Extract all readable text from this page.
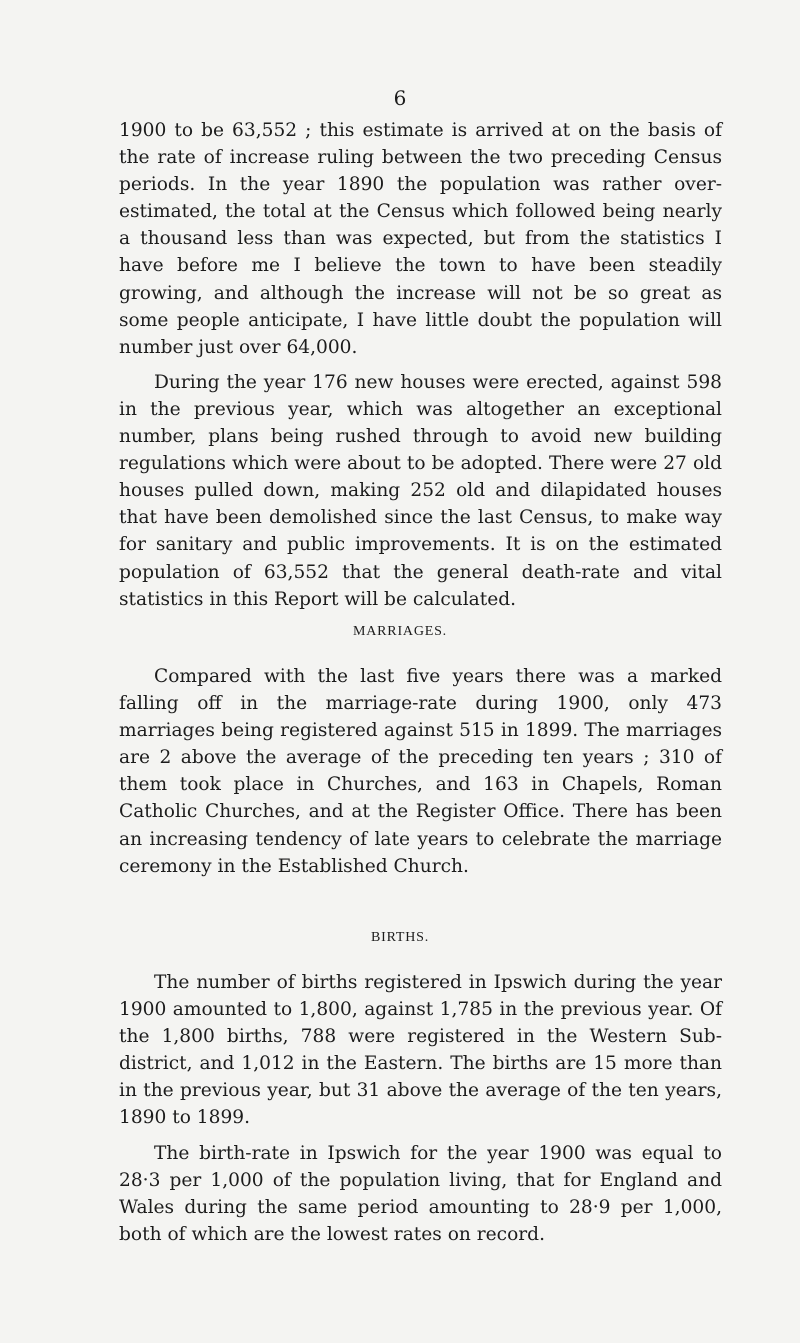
6

1900 to be 63,552 ; this estimate is arrived at on the basis of the rate of increase ruling between the two preceding Census periods. In the year 1890 the population was rather over-estimated, the total at the Census which followed being nearly a thousand less than was expected, but from the statistics I have before me I believe the town to have been steadily growing, and although the increase will not be so great as some people anticipate, I have little doubt the population will number just over 64,000.

During the year 176 new houses were erected, against 598 in the previous year, which was altogether an exceptional number, plans being rushed through to avoid new building regulations which were about to be adopted. There were 27 old houses pulled down, making 252 old and dilapidated houses that have been demolished since the last Census, to make way for sanitary and public improvements. It is on the estimated population of 63,552 that the general death-rate and vital statistics in this Report will be calculated.

MARRIAGES.

Compared with the last five years there was a marked falling off in the marriage-rate during 1900, only 473 marriages being registered against 515 in 1899. The marriages are 2 above the average of the preceding ten years ; 310 of them took place in Churches, and 163 in Chapels, Roman Catholic Churches, and at the Register Office. There has been an increasing tendency of late years to celebrate the marriage ceremony in the Established Church.

BIRTHS.

The number of births registered in Ipswich during the year 1900 amounted to 1,800, against 1,785 in the previous year. Of the 1,800 births, 788 were registered in the Western Sub-district, and 1,012 in the Eastern. The births are 15 more than in the previous year, but 31 above the average of the ten years, 1890 to 1899.

The birth-rate in Ipswich for the year 1900 was equal to 28·3 per 1,000 of the population living, that for England and Wales during the same period amounting to 28·9 per 1,000, both of which are the lowest rates on record.
